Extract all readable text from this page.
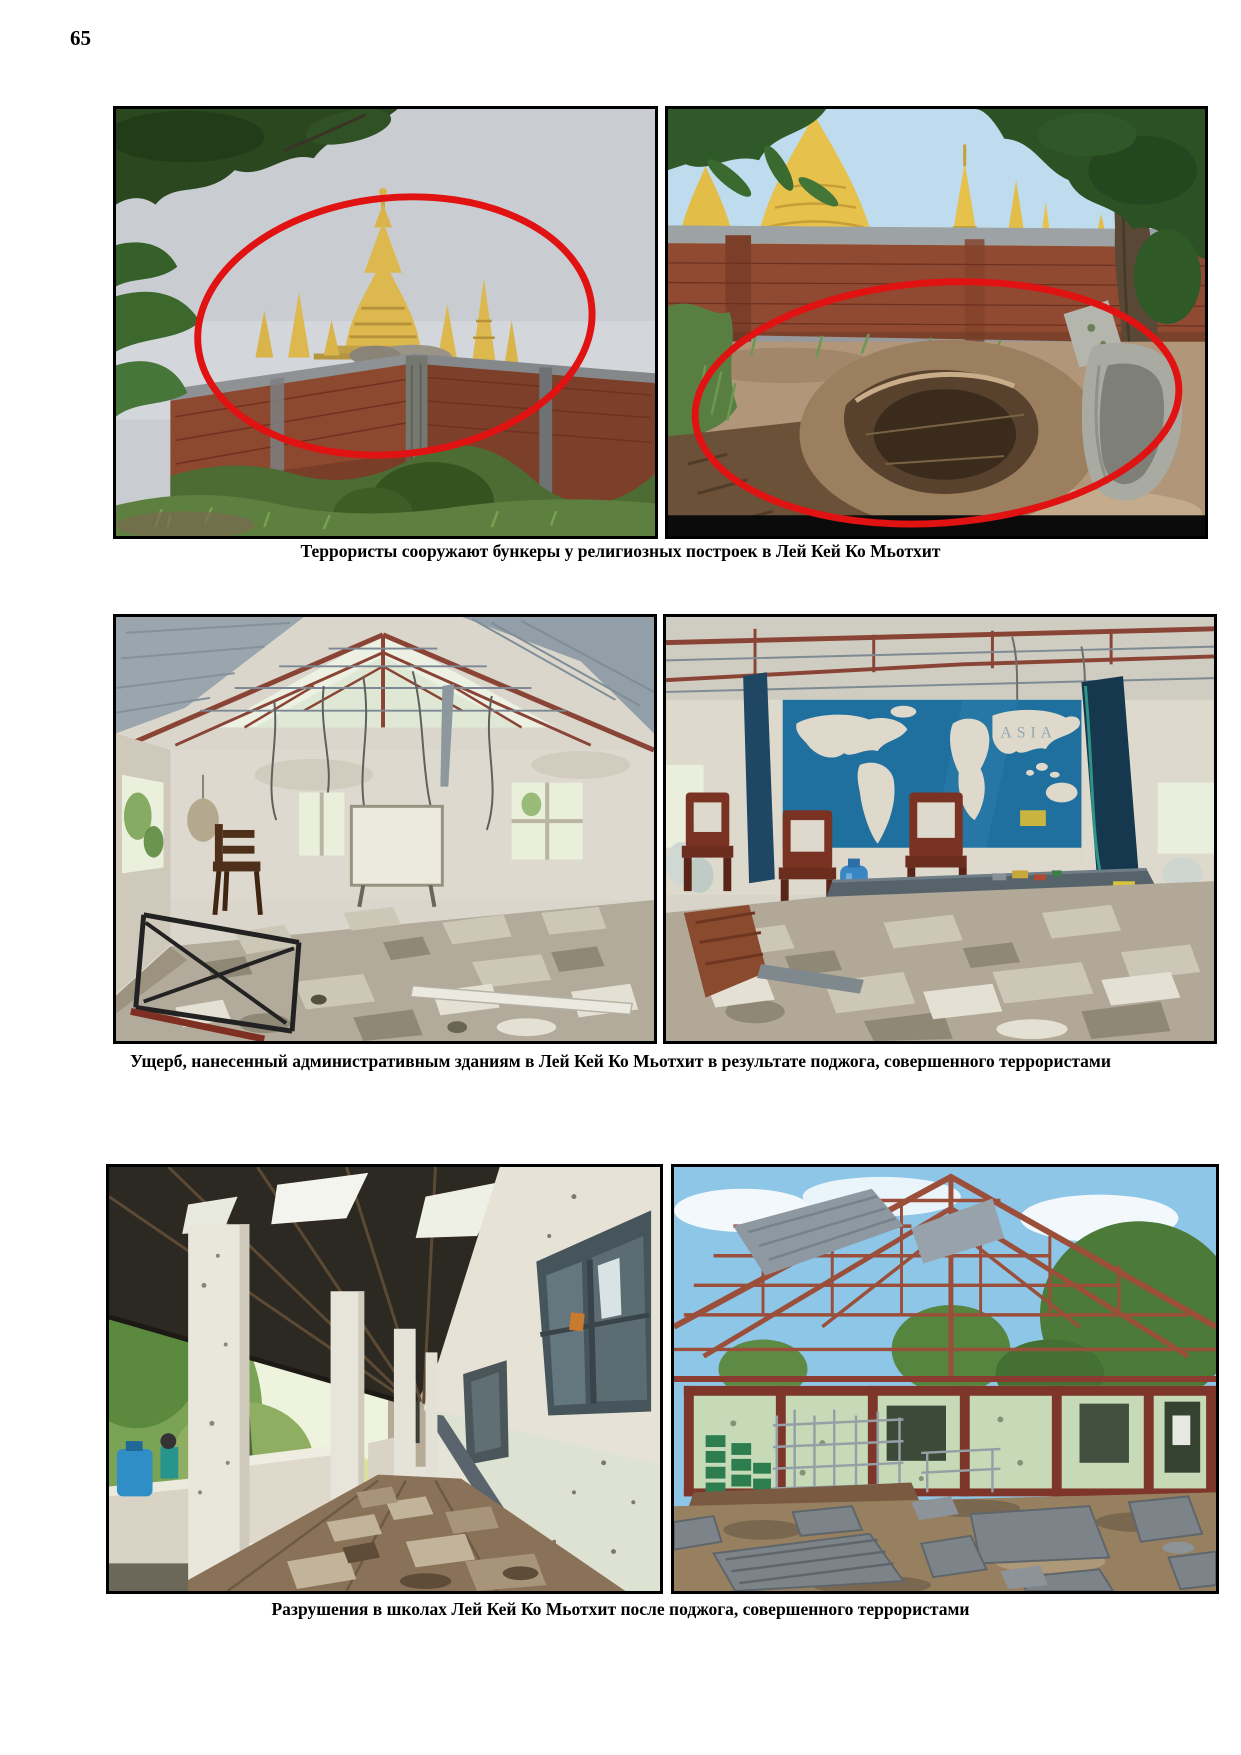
65

Террористы сооружают бункеры у религиозных построек в Лей Кей Ко Мьотхит

ASIA

Ущерб, нанесенный административным зданиям в Лей Кей Ко Мьотхит в результате поджога, совершенного террористами

Разрушения в школах Лей Кей Ко Мьотхит после поджога, совершенного террористами
